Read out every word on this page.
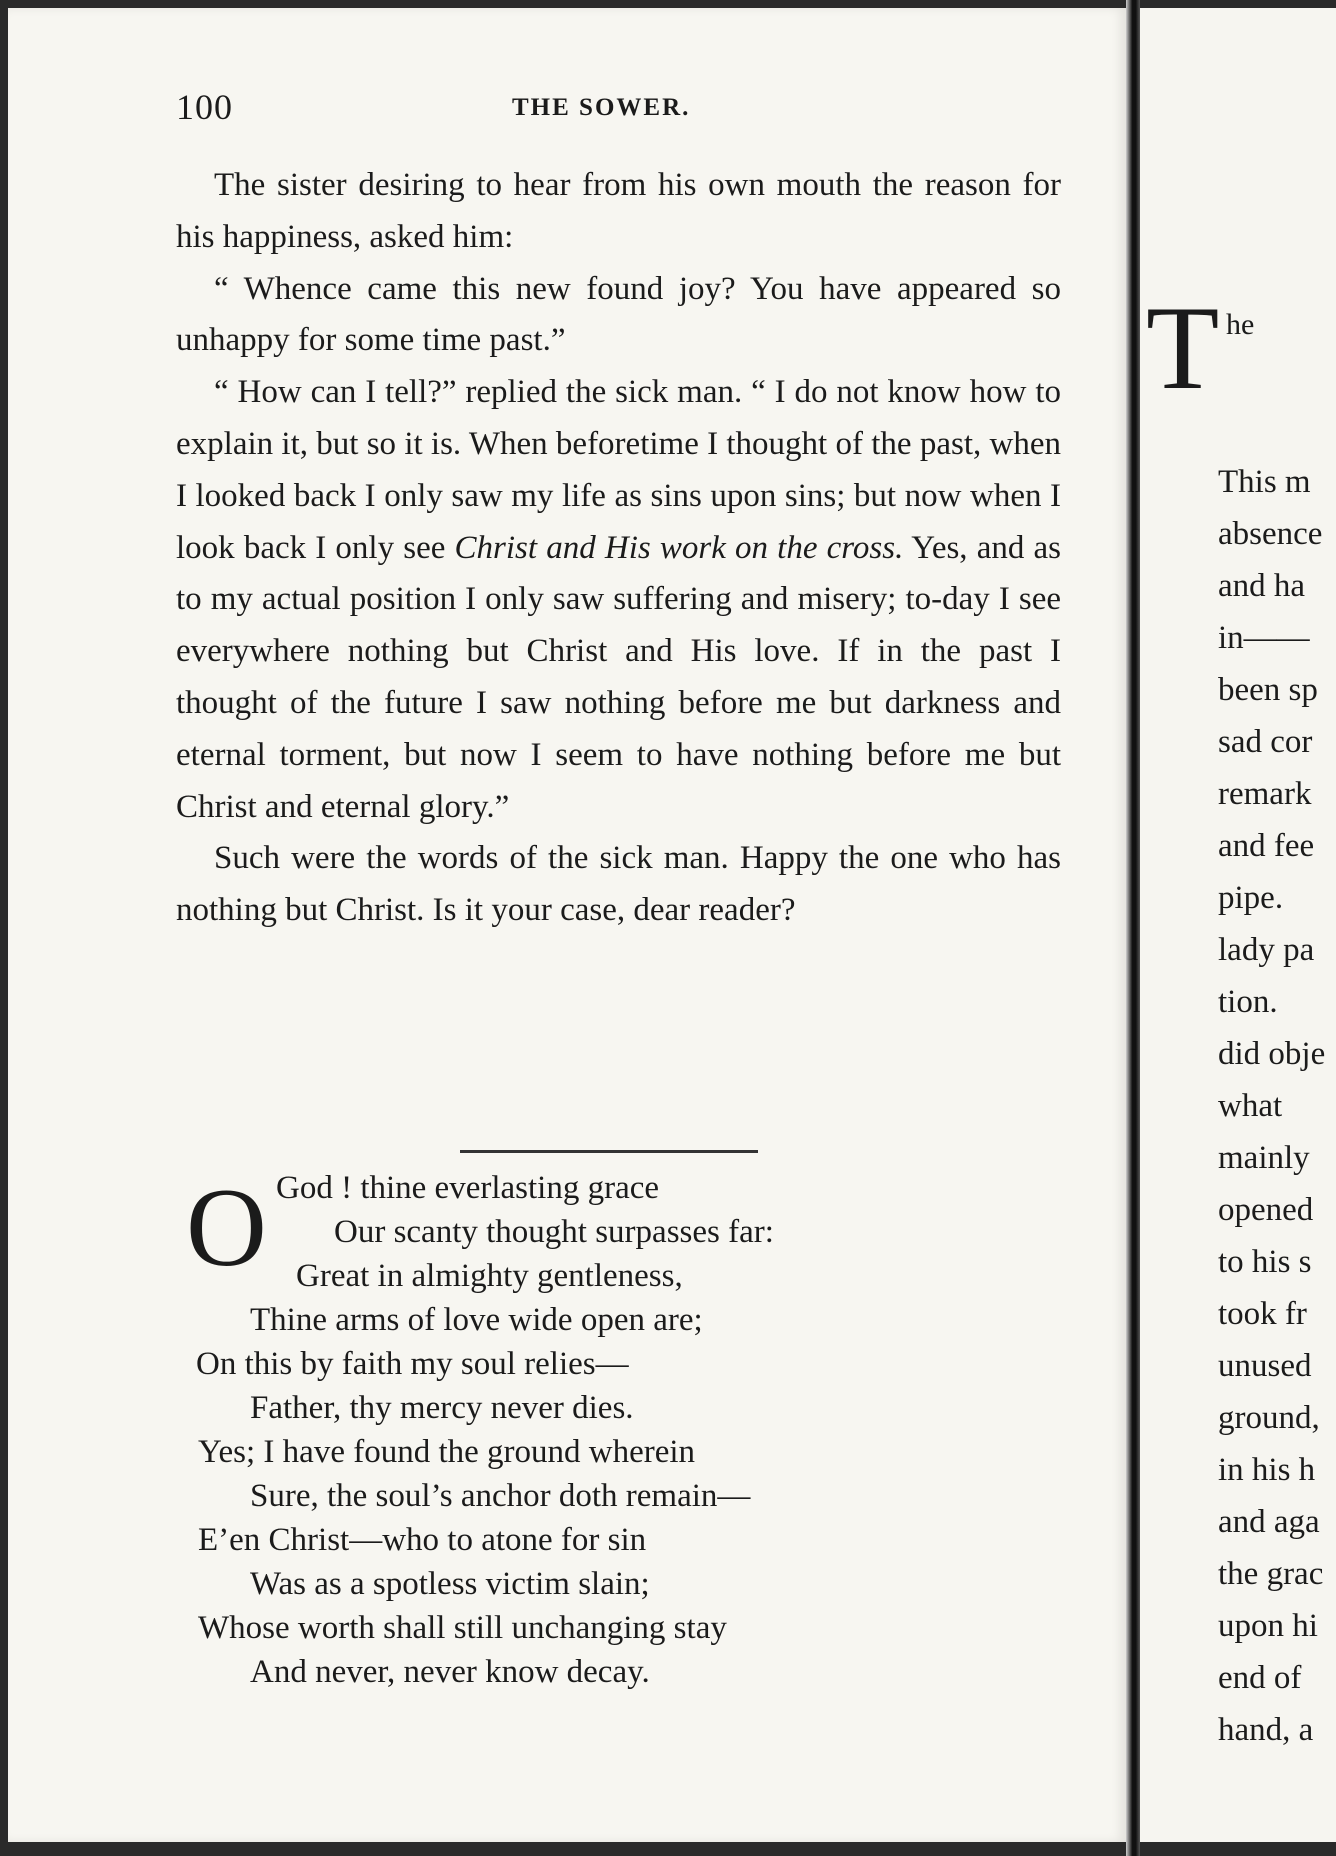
100	THE SOWER.

The sister desiring to hear from his own mouth the reason for his happiness, asked him:

“ Whence came this new found joy? You have appeared so unhappy for some time past.”

“ How can I tell?” replied the sick man. “ I do not know how to explain it, but so it is. When beforetime I thought of the past, when I looked back I only saw my life as sins upon sins; but now when I look back I only see Christ and His work on the cross. Yes, and as to my actual position I only saw suffering and misery; to-day I see everywhere nothing but Christ and His love. If in the past I thought of the future I saw nothing before me but darkness and eternal torment, but now I seem to have nothing before me but Christ and eternal glory.”

Such were the words of the sick man. Happy the one who has nothing but Christ. Is it your case, dear reader?

O God ! thine everlasting grace
Our scanty thought surpasses far:
Great in almighty gentleness,
Thine arms of love wide open are;
On this by faith my soul relies—
Father, thy mercy never dies.
Yes; I have found the ground wherein
Sure, the soul’s anchor doth remain—
E’en Christ—who to atone for sin
Was as a spotless victim slain;
Whose worth shall still unchanging stay
And never, never know decay.
T he
This m
absence
and ha
in——
been sp
sad cor
remark
and fee
pipe.
lady pa
tion.
did obje
what
mainly
opened
to his s
took fr
unused
ground,
in his h
and aga
the grac
upon hi
end of
hand, a
